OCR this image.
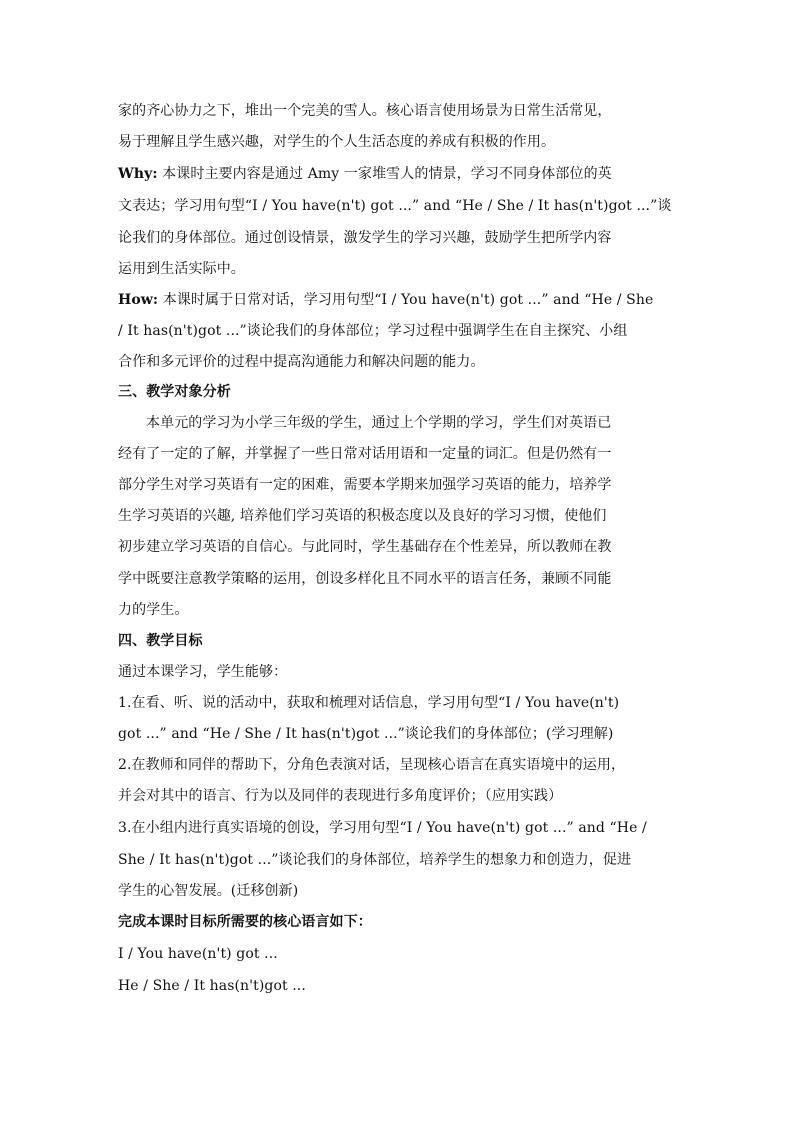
家的齐心协力之下，堆出一个完美的雪人。核心语言使用场景为日常生活常见，
易于理解且学生感兴趣，对学生的个人生活态度的养成有积极的作用。
Why: 本课时主要内容是通过 Amy 一家堆雪人的情景，学习不同身体部位的英
文表达；学习用句型“I / You have(n't) got ...” and “He / She / It has(n't)got ...”谈
论我们的身体部位。通过创设情景，激发学生的学习兴趣，鼓励学生把所学内容
运用到生活实际中。
How: 本课时属于日常对话，学习用句型“I / You have(n't) got ...” and “He / She
/ It has(n't)got ...”谈论我们的身体部位；学习过程中强调学生在自主探究、小组
合作和多元评价的过程中提高沟通能力和解决问题的能力。
三、教学对象分析
本单元的学习为小学三年级的学生，通过上个学期的学习，学生们对英语已
经有了一定的了解，并掌握了一些日常对话用语和一定量的词汇。但是仍然有一
部分学生对学习英语有一定的困难，需要本学期来加强学习英语的能力，培养学
生学习英语的兴趣, 培养他们学习英语的积极态度以及良好的学习习惯，使他们
初步建立学习英语的自信心。与此同时，学生基础存在个性差异，所以教师在教
学中既要注意教学策略的运用，创设多样化且不同水平的语言任务，兼顾不同能
力的学生。
四、教学目标
通过本课学习，学生能够：
1.在看、听、说的活动中，获取和梳理对话信息，学习用句型“I / You have(n't)
got ...” and “He / She / It has(n't)got ...”谈论我们的身体部位；(学习理解)
2.在教师和同伴的帮助下，分角色表演对话，呈现核心语言在真实语境中的运用，
并会对其中的语言、行为以及同伴的表现进行多角度评价；（应用实践）
3.在小组内进行真实语境的创设，学习用句型“I / You have(n't) got ...” and “He /
She / It has(n't)got ...”谈论我们的身体部位，培养学生的想象力和创造力，促进
学生的心智发展。(迁移创新)
完成本课时目标所需要的核心语言如下：
I / You have(n't) got ...
He / She / It has(n't)got ...
